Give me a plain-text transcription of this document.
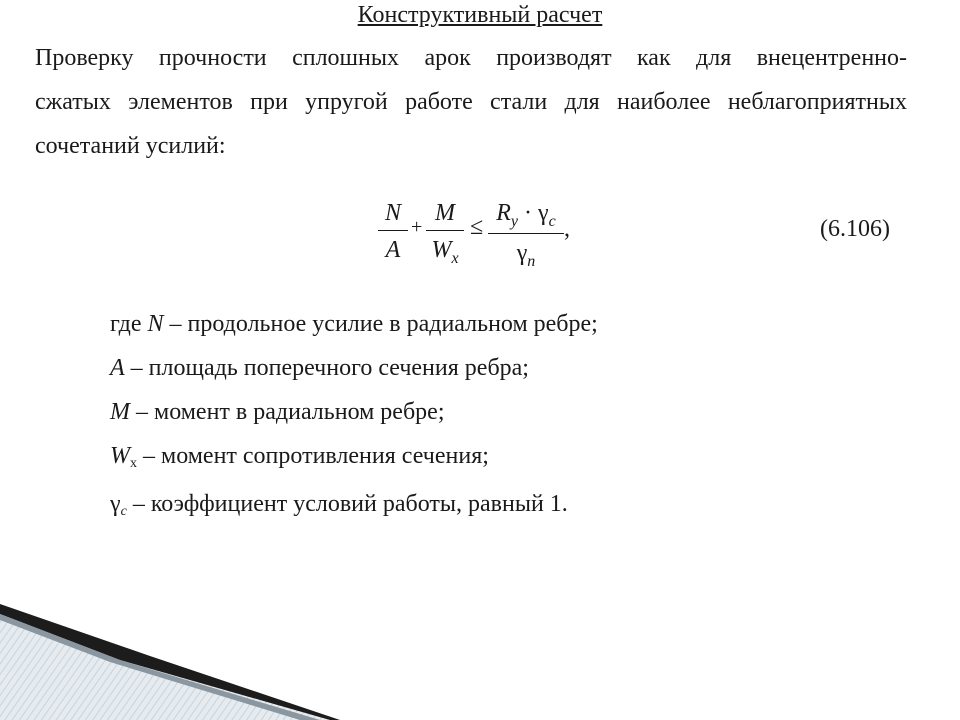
Конструктивный расчет
Проверку прочности сплошных арок производят как для внецентренно-
сжатых элементов при упругой работе стали для наиболее неблагоприятных
сочетаний усилий:
$\frac{N}{A} + \frac{M}{W_x} \le \frac{R_y \cdot \gamma_c}{\gamma_n}$ ,	(6.106)
где N – продольное усилие в радиальном ребре;
A – площадь поперечного сечения ребра;
M – момент в радиальном ребре;
Wx – момент сопротивления сечения;
γc – коэффициент условий работы, равный 1.
